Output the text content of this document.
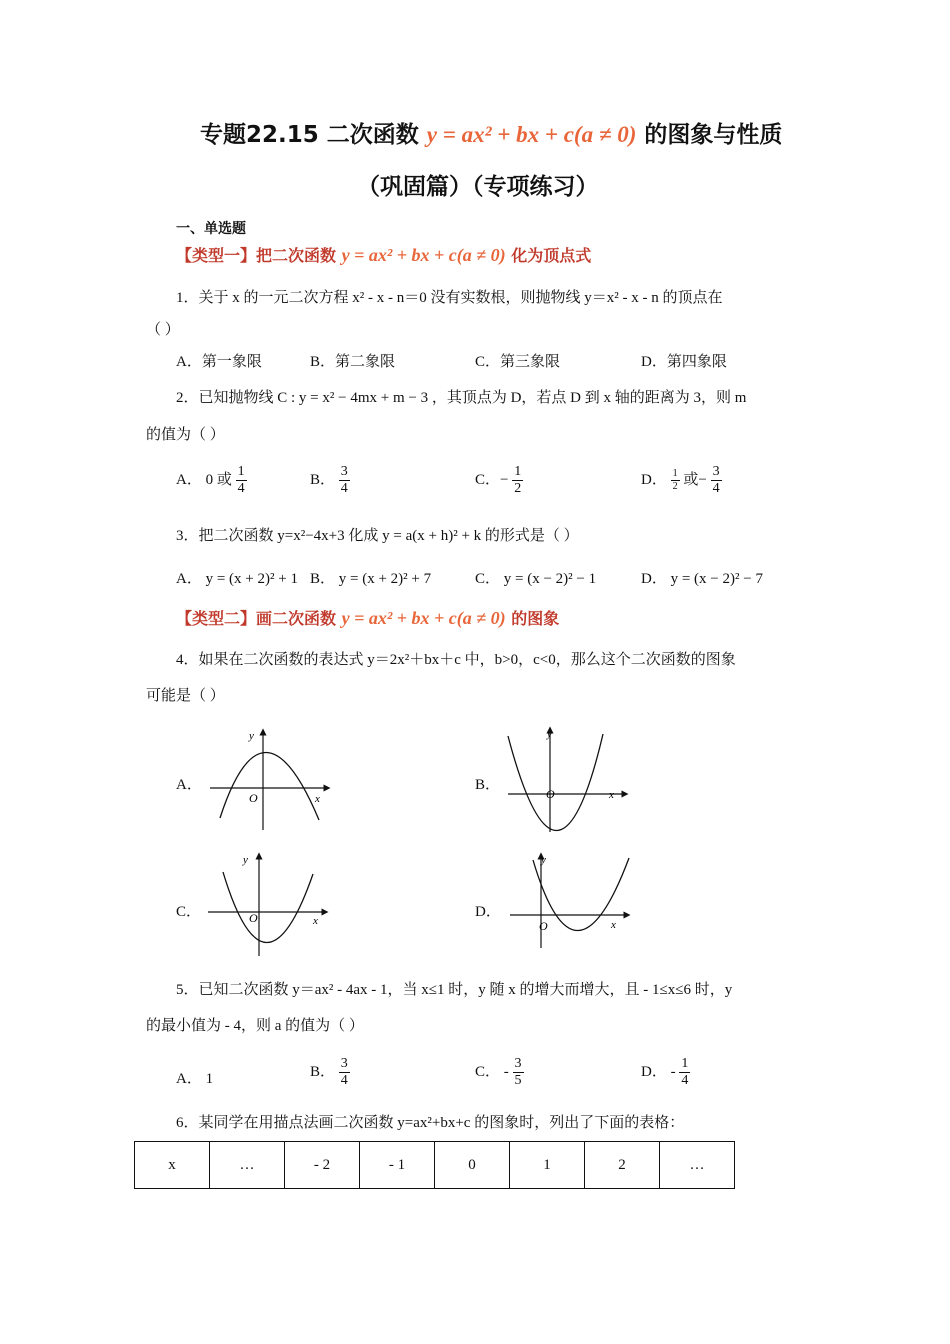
专题22.15 二次函数 y = ax² + bx + c(a ≠ 0) 的图象与性质
（巩固篇）（专项练习）
一、单选题
【类型一】把二次函数 y = ax² + bx + c(a ≠ 0) 化为顶点式
1．关于 x 的一元二次方程 x² - x - n＝0 没有实数根，则抛物线 y＝x² - x - n 的顶点在
（ ）
A．第一象限	B．第二象限	C．第三象限	D．第四象限
2．已知抛物线 C : y = x² − 4mx + m − 3 ，其顶点为 D，若点 D 到 x 轴的距离为 3，则 m
的值为（ ）
A． 0 或 $\frac{1}{4}$	B． $\frac{3}{4}$	C．− $\frac{1}{2}$	D． $\frac{1}{2}$ 或− $\frac{3}{4}$
3．把二次函数 y=x²−4x+3 化成 y = a(x + h)² + k 的形式是（ ）
A． y = (x + 2)² + 1 B． y = (x + 2)² + 7	C． y = (x − 2)² − 1	D． y = (x − 2)² − 7
【类型二】画二次函数 y = ax² + bx + c(a ≠ 0) 的图象
4．如果在二次函数的表达式 y＝2x²＋bx＋c 中，b>0，c<0，那么这个二次函数的图象
可能是（ ）
A．	B．
C．	D．
y
x
O
y
x
O
y
x
O
y
x
O
5．已知二次函数 y＝ax² - 4ax - 1，当 x≤1 时，y 随 x 的增大而增大，且 - 1≤x≤6 时，y
的最小值为 - 4，则 a 的值为（ ）
A． 1	B． $\frac{3}{4}$	C． - $\frac{3}{5}$	D． - $\frac{1}{4}$
6．某同学在用描点法画二次函数 y=ax²+bx+c 的图象时，列出了下面的表格：
x	…	- 2	- 1	0	1	2	…
